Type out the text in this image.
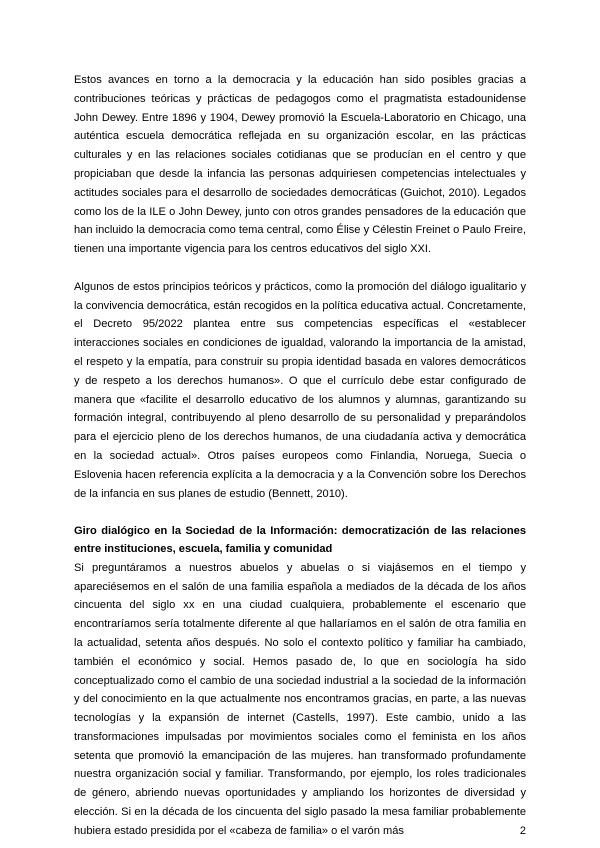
Estos avances en torno a la democracia y la educación han sido posibles gracias a contribuciones teóricas y prácticas de pedagogos como el pragmatista estadounidense John Dewey. Entre 1896 y 1904, Dewey promovió la Escuela-Laboratorio en Chicago, una auténtica escuela democrática reflejada en su organización escolar, en las prácticas culturales y en las relaciones sociales cotidianas que se producían en el centro y que propiciaban que desde la infancia las personas adquiriesen competencias intelectuales y actitudes sociales para el desarrollo de sociedades democráticas (Guichot, 2010). Legados como los de la ILE o John Dewey, junto con otros grandes pensadores de la educación que han incluido la democracia como tema central, como Élise y Célestin Freinet o Paulo Freire, tienen una importante vigencia para los centros educativos del siglo XXI.

Algunos de estos principios teóricos y prácticos, como la promoción del diálogo igualitario y la convivencia democrática, están recogidos en la política educativa actual. Concretamente, el Decreto 95/2022 plantea entre sus competencias específicas el «establecer interacciones sociales en condiciones de igualdad, valorando la importancia de la amistad, el respeto y la empatía, para construir su propia identidad basada en valores democráticos y de respeto a los derechos humanos». O que el currículo debe estar configurado de manera que «facilite el desarrollo educativo de los alumnos y alumnas, garantizando su formación integral, contribuyendo al pleno desarrollo de su personalidad y preparándolos para el ejercicio pleno de los derechos humanos, de una ciudadanía activa y democrática en la sociedad actual». Otros países europeos como Finlandia, Noruega, Suecia o Eslovenia hacen referencia explícita a la democracia y a la Convención sobre los Derechos de la infancia en sus planes de estudio (Bennett, 2010).

Giro dialógico en la Sociedad de la Información: democratización de las relaciones entre instituciones, escuela, familia y comunidad

Si preguntáramos a nuestros abuelos y abuelas o si viajásemos en el tiempo y apareciésemos en el salón de una familia española a mediados de la década de los años cincuenta del siglo xx en una ciudad cualquiera, probablemente el escenario que encontraríamos sería totalmente diferente al que hallaríamos en el salón de otra familia en la actualidad, setenta años después. No solo el contexto político y familiar ha cambiado, también el económico y social. Hemos pasado de, lo que en sociología ha sido conceptualizado como el cambio de una sociedad industrial a la sociedad de la información y del conocimiento en la que actualmente nos encontramos gracias, en parte, a las nuevas tecnologías y la expansión de internet (Castells, 1997). Este cambio, unido a las transformaciones impulsadas por movimientos sociales como el feminista en los años setenta que promovió la emancipación de las mujeres. han transformado profundamente nuestra organización social y familiar. Transformando, por ejemplo, los roles tradicionales de género, abriendo nuevas oportunidades y ampliando los horizontes de diversidad y elección. Si en la década de los cincuenta del siglo pasado la mesa familiar probablemente hubiera estado presidida por el «cabeza de familia» o el varón más	2
